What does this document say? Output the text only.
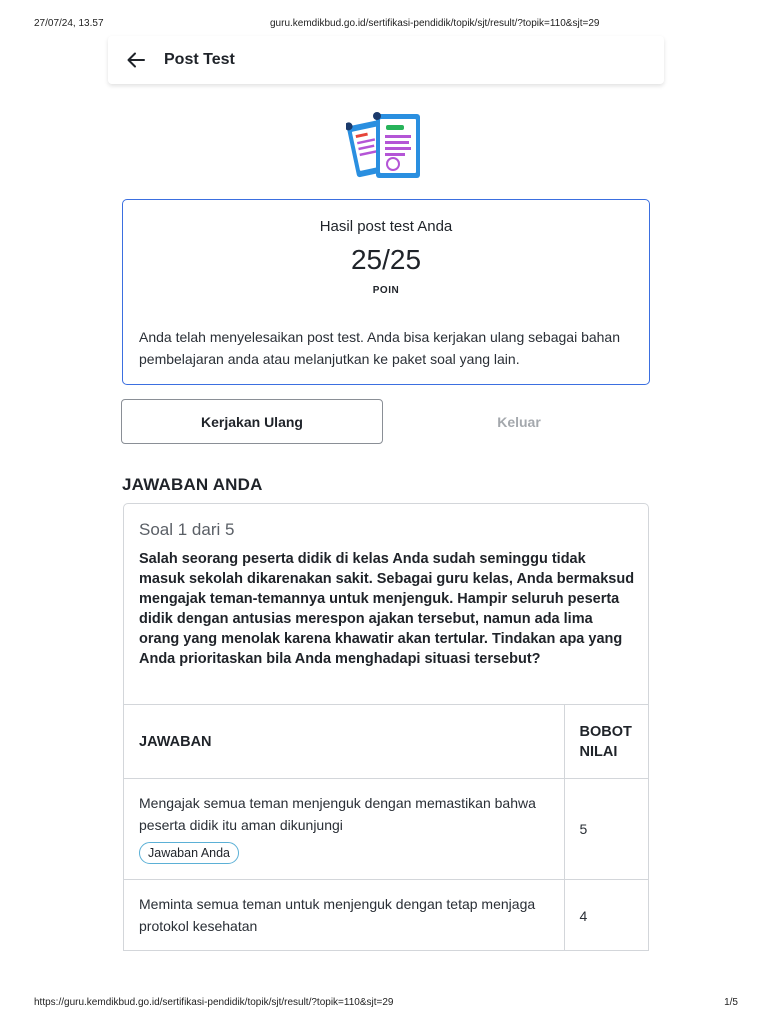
27/07/24, 13.57	guru.kemdikbud.go.id/sertifikasi-pendidik/topik/sjt/result/?topik=110&sjt=29
Post Test
Hasil post test Anda
25/25
POIN
Anda telah menyelesaikan post test. Anda bisa kerjakan ulang sebagai bahan pembelajaran anda atau melanjutkan ke paket soal yang lain.
Kerjakan Ulang	Keluar
JAWABAN ANDA
Soal 1 dari 5
Salah seorang peserta didik di kelas Anda sudah seminggu tidak masuk sekolah dikarenakan sakit. Sebagai guru kelas, Anda bermaksud mengajak teman-temannya untuk menjenguk. Hampir seluruh peserta didik dengan antusias merespon ajakan tersebut, namun ada lima orang yang menolak karena khawatir akan tertular. Tindakan apa yang Anda prioritaskan bila Anda menghadapi situasi tersebut?
JAWABAN	BOBOT NILAI

Mengajak semua teman menjenguk dengan memastikan bahwa peserta didik itu aman dikunjungi
Jawaban Anda	5

Meminta semua teman untuk menjenguk dengan tetap menjaga protokol kesehatan	4
https://guru.kemdikbud.go.id/sertifikasi-pendidik/topik/sjt/result/?topik=110&sjt=29	1/5
